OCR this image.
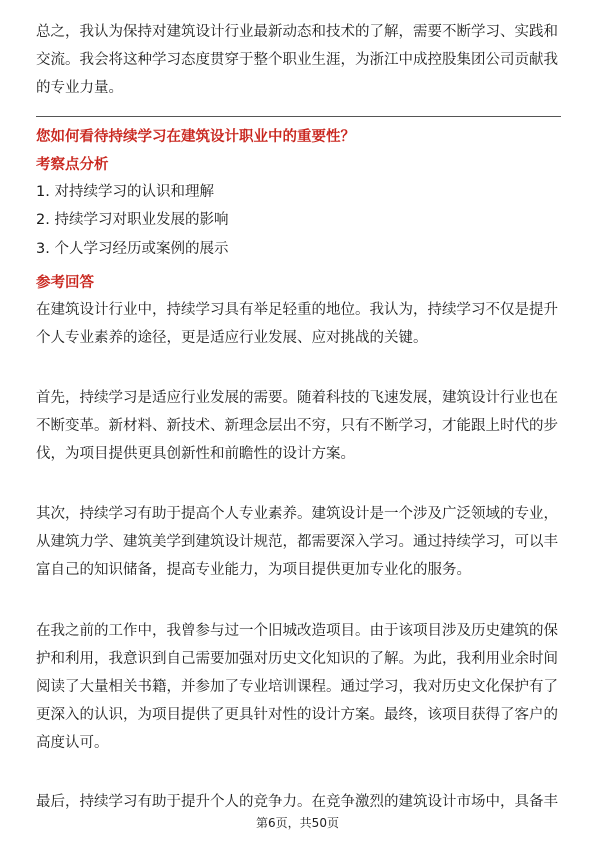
总之，我认为保持对建筑设计行业最新动态和技术的了解，需要不断学习、实践和

交流。我会将这种学习态度贯穿于整个职业生涯，为浙江中成控股集团公司贡献我

的专业力量。

您如何看待持续学习在建筑设计职业中的重要性？

考察点分析

1. 对持续学习的认识和理解

2. 持续学习对职业发展的影响

3. 个人学习经历或案例的展示

参考回答

在建筑设计行业中，持续学习具有举足轻重的地位。我认为，持续学习不仅是提升

个人专业素养的途径，更是适应行业发展、应对挑战的关键。

首先，持续学习是适应行业发展的需要。随着科技的飞速发展，建筑设计行业也在

不断变革。新材料、新技术、新理念层出不穷，只有不断学习，才能跟上时代的步

伐，为项目提供更具创新性和前瞻性的设计方案。

其次，持续学习有助于提高个人专业素养。建筑设计是一个涉及广泛领域的专业，

从建筑力学、建筑美学到建筑设计规范，都需要深入学习。通过持续学习，可以丰

富自己的知识储备，提高专业能力，为项目提供更加专业化的服务。

在我之前的工作中，我曾参与过一个旧城改造项目。由于该项目涉及历史建筑的保

护和利用，我意识到自己需要加强对历史文化知识的了解。为此，我利用业余时间

阅读了大量相关书籍，并参加了专业培训课程。通过学习，我对历史文化保护有了

更深入的认识，为项目提供了更具针对性的设计方案。最终，该项目获得了客户的

高度认可。

最后，持续学习有助于提升个人的竞争力。在竞争激烈的建筑设计市场中，具备丰

第6页，共50页
